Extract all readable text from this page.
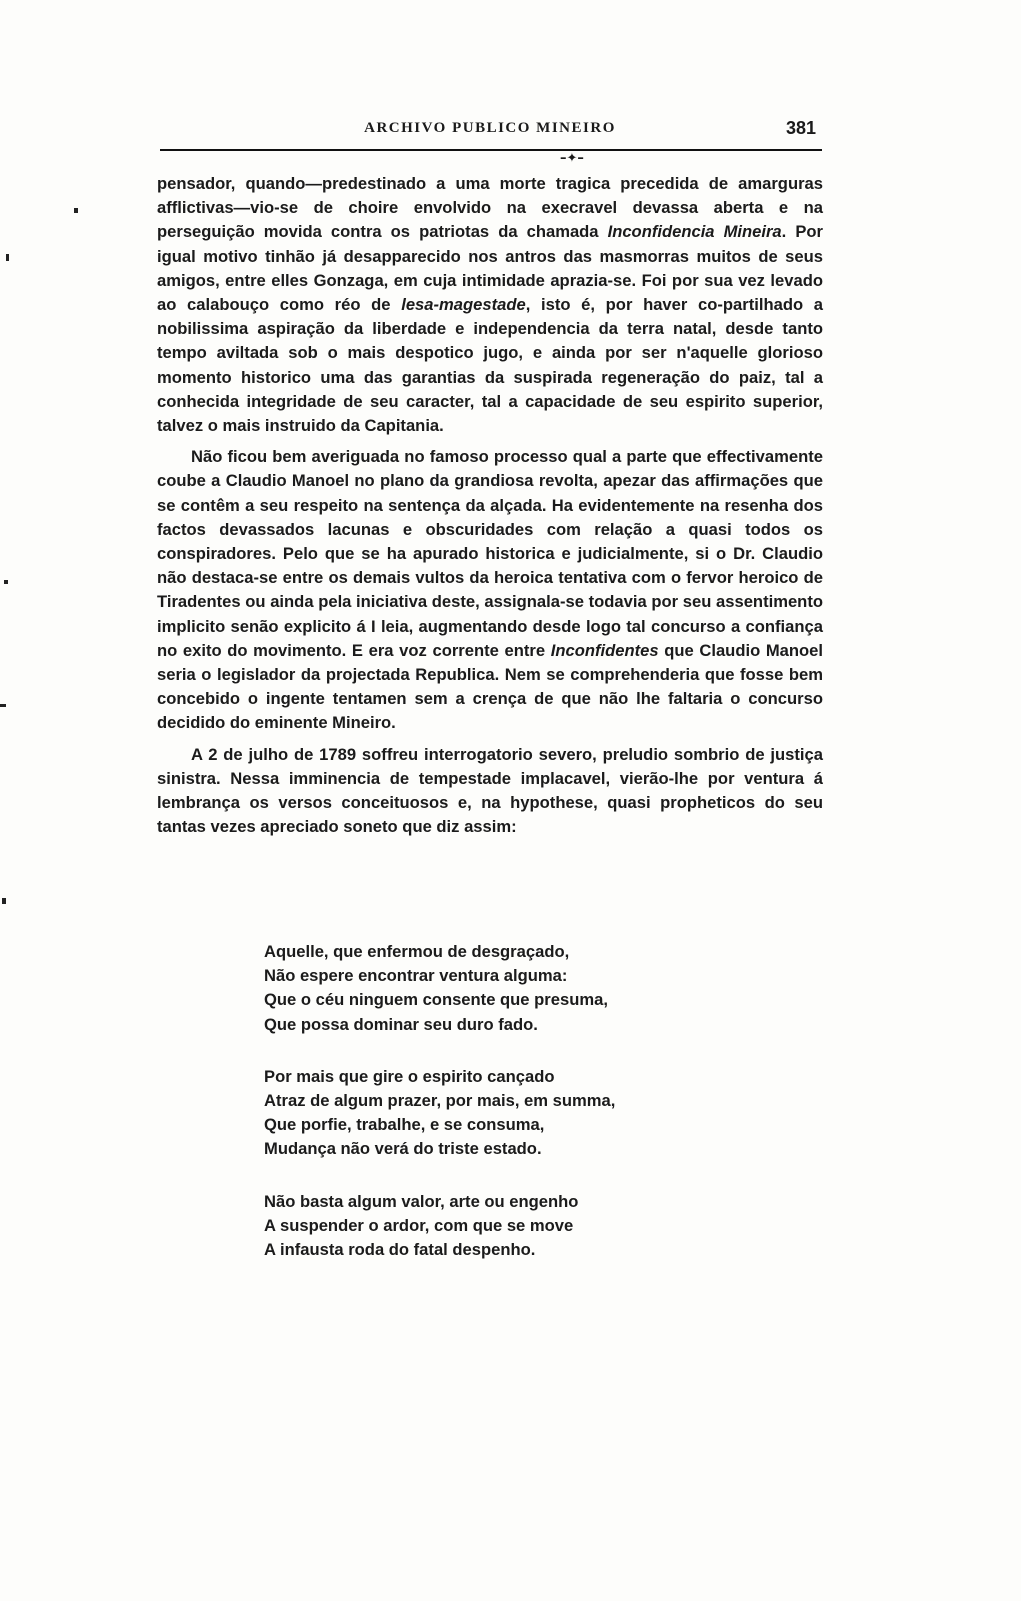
ARCHIVO PUBLICO MINEIRO	381
–✦–

pensador, quando—predestinado a uma morte tragica precedida de amarguras afflictivas—vio-se de choire envolvido na execravel devassa aberta e na perseguição movida contra os patriotas da chamada Inconfidencia Mineira. Por igual motivo tinhão já desapparecido nos antros das masmorras muitos de seus amigos, entre elles Gonzaga, em cuja intimidade aprazia-se. Foi por sua vez levado ao calabouço como réo de lesa-magestade, isto é, por haver co-partilhado a nobilissima aspiração da liberdade e independencia da terra natal, desde tanto tempo aviltada sob o mais despotico jugo, e ainda por ser n'aquelle glorioso momento historico uma das garantias da suspirada regeneração do paiz, tal a conhecida integridade de seu caracter, tal a capacidade de seu espirito superior, talvez o mais instruido da Capitania.

Não ficou bem averiguada no famoso processo qual a parte que effectivamente coube a Claudio Manoel no plano da grandiosa revolta, apezar das affirmações que se contêm a seu respeito na sentença da alçada. Ha evidentemente na resenha dos factos devassados lacunas e obscuridades com relação a quasi todos os conspiradores. Pelo que se ha apurado historica e judicialmente, si o Dr. Claudio não destaca-se entre os demais vultos da heroica tentativa com o fervor heroico de Tiradentes ou ainda pela iniciativa deste, assignala-se todavia por seu assentimento implicito senão explicito á I leia, augmentando desde logo tal concurso a confiança no exito do movimento. E era voz corrente entre Inconfidentes que Claudio Manoel seria o legislador da projectada Republica. Nem se comprehenderia que fosse bem concebido o ingente tentamen sem a crença de que não lhe faltaria o concurso decidido do eminente Mineiro.

A 2 de julho de 1789 soffreu interrogatorio severo, preludio sombrio de justiça sinistra. Nessa imminencia de tempestade implacavel, vierão-lhe por ventura á lembrança os versos conceituosos e, na hypothese, quasi propheticos do seu tantas vezes apreciado soneto que diz assim:

Aquelle, que enfermou de desgraçado,
Não espere encontrar ventura alguma:
Que o céu ninguem consente que presuma,
Que possa dominar seu duro fado.
Por mais que gire o espirito cançado
Atraz de algum prazer, por mais, em summa,
Que porfie, trabalhe, e se consuma,
Mudança não verá do triste estado.
Não basta algum valor, arte ou engenho
A suspender o ardor, com que se move
A infausta roda do fatal despenho.
